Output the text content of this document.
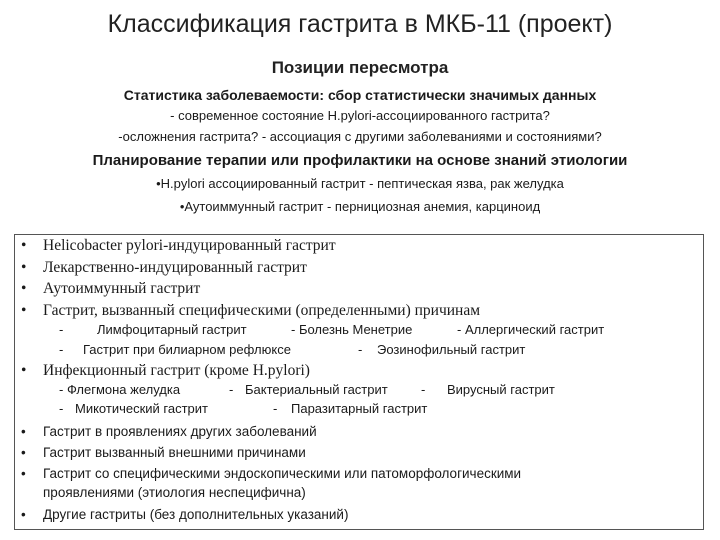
Классификация гастрита в МКБ-11 (проект)
Позиции пересмотра
Статистика заболеваемости: сбор статистически значимых данных
- современное состояние H.pylori-ассоциированного гастрита?
-осложнения гастрита? - ассоциация с другими заболеваниями и состояниями?
Планирование терапии или профилактики на основе знаний этиологии
•H.pylori ассоциированный гастрит - пептическая язва, рак желудка
•Аутоиммунный гастрит - пернициозная анемия, карциноид
• Helicobacter pylori-индуцированный гастрит
• Лекарственно-индуцированный гастрит
• Аутоиммунный гастрит
• Гастрит, вызванный специфическими (определенными) причинам
-	Лимфоцитарный гастрит	- Болезнь Менетрие	- Аллергический гастрит
- Гастрит при билиарном рефлюксе	- Эозинофильный гастрит
• Инфекционный гастрит (кроме H.pylori)
- Флегмона желудка	- Бактериальный гастрит	- Вирусный гастрит
- Микотический гастрит	- Паразитарный гастрит
•	Гастрит в проявлениях других заболеваний
•	Гастрит вызванный внешними причинами
•	Гастрит со специфическими эндоскопическими или патоморфологическими
проявлениями (этиология неспецифична)
•	Другие гастриты (без дополнительных указаний)
